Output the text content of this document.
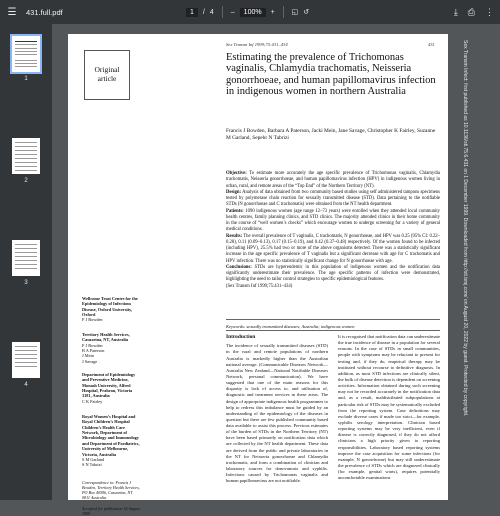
☰	431.full.pdf	1	/ 4 –	100%	+ ◱ ↺	⤓ ⎙ ⋮
1
2
3
4
Sex Transm Inf 1999;75:431–434	431
Original article
Estimating the prevalence of Trichomonas vaginalis, Chlamydia trachomatis, Neisseria gonorrhoeae, and human papillomavirus infection in indigenous women in northern Australia
Francis J Bowden, Barbara A Paterson, Jacki Mein, Jane Savage, Christopher K Fairley, Suzanne M Garland, Sepehr N Tabrizi

Objective: To estimate more accurately the age specific prevalence of Trichomonas vaginalis, Chlamydia trachomatis, Neisseria gonorrhoeae, and human papillomavirus infection (HPV) in indigenous women living in urban, rural, and remote areas of the “Top End” of the Northern Territory (NT).

Design: Analysis of data obtained from two community based studies using self administered tampons specimens tested by polymerase chain reaction for sexually transmitted disease (STD). Data pertaining to the notifiable STDs (N gonorrhoeae and C trachomatis) were obtained from the NT health department.

Patients: 1090 indigenous women (age range 12–73 years) were enrolled when they attended local community health centres, family planning clinics, and STD clinics. The majority attended clinics in their home community in the course of “well women’s checks” which encourage women to undergo screening for a variety of general medical conditions.

Results: The overall prevalence of T vaginalis, C trachomatis, N gonorrhoeae, and HPV was 0.25 (95% CI: 0.22–0.28), 0.11 (0.09–0.13), 0.17 (0.15–0.19), and 0.42 (0.37–0.48) respectively. Of the women found to be infected (including HPV), 25.5% had two or more of the above organisms detected. There was a statistically significant increase in the age specific prevalence of T vaginalis but a significant decrease with age for C trachomatis and HPV infection. There was no statistically significant change for N gonorrhoeae with age.

Conclusions: STDs are hyperendemic in this population of indigenous women and the notification data significantly underestimate their prevalence. The age specific patterns of infection were demonstrated, highlighting the need to tailor control strategies to specific epidemiological features.

(Sex Transm Inf 1999;75:431–434)

Keywords: sexually transmitted diseases; Australia; indigenous women
Wellcome Trust Centre for the Epidemiology of Infectious Disease, Oxford University, Oxford
F J Bowden
Territory Health Services, Casuarina, NT, Australia
F J Bowden
B A Paterson
J Mein
J Savage
Department of Epidemiology and Preventive Medicine, Monash University, Alfred Hospital, Prahran, Victoria 3181, Australia
C K Fairley
Royal Women’s Hospital and Royal Children’s Hospital Children’s Health Care Network, Department of Microbiology and Immunology and Department of Paediatrics, University of Melbourne, Victoria, Australia
S M Garland
S N Tabrizi
Correspondence to: Francis J Bowden, Territory Health Services, PO Box 40596, Casuarina, NT 0811 Australia.

Accepted for publication 16 August 1999
Introduction

The incidence of sexually transmitted diseases (STD) in the rural and remote populations of northern Australia is markedly higher than the Australian national average. (Communicable Diseases Network—Australia New Zealand—National Notifiable Diseases Network, personal communication). We have suggested that one of the main reasons for this disparity is lack of access to, and utilisation of, diagnostic and treatment services in these areas. The design of appropriate indigenous health programmes to help to redress this imbalance must be guided by an understanding of the epidemiology of the diseases in question but there are few published community based data available to assist this process. Previous estimates of the burden of STDs in the Northern Territory (NT) have been based primarily on notification data which are collected by the NT health department. These data are derived from the public and private laboratories in the NT for Neisseria gonorrhoeae and Chlamydia trachomatis, and form a combination of clinician and laboratory sources for donovanosis and syphilis. Infections caused by Trichomonas vaginalis and human papillomavirus are not notifiable.

It is recognised that notification data can underestimate the true incidence of disease in a population for several reasons. In the case of STDs in small communities, people with symptoms may be reluctant to present for testing and, if they do, empirical therapy may be instituted without recourse to definitive diagnosis. In addition, as most STD infections are clinically silent, the bulk of disease detection is dependent on screening activities. Information obtained during such screening may not be recorded accurately in the notification data and, as a result, maldistributed subpopulations at particular risk of STDs may be systematically excluded from the reporting system. Case definitions may exclude diverse cases if made too strict—for example, syphilis serology interpretation. Clinician based reporting systems may be very inefficient, even if disease is correctly diagnosed, if they do not afford clinicians a high priority given to reporting responsibilities. Laboratory based reporting systems improve the case acquisition for some infections (for example, N gonorrhoeae) but may still underestimate the prevalence of STDs which are diagnosed clinically (for example, genital warts), requires potentially uncomfortable examinations

Sex Transm Infect: first published as 10.1136/sti.75.6.431 on 1 December 1999. Downloaded from http://sti.bmj.com/ on August 20, 2022 by guest. Protected by copyright.
